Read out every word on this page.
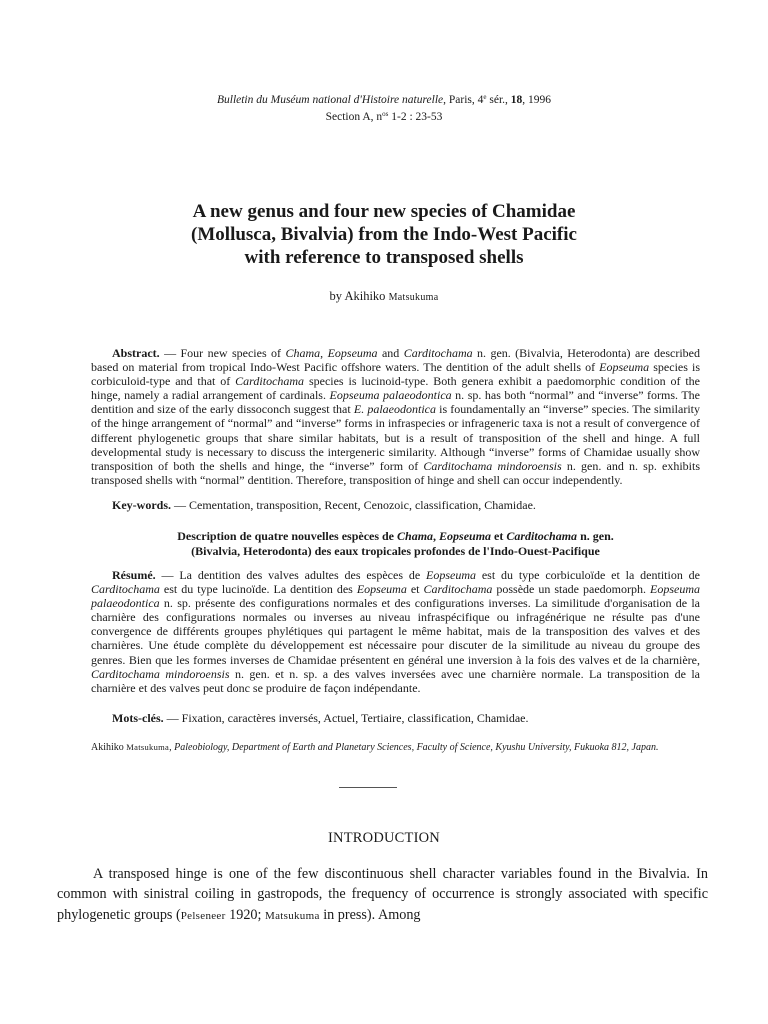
Bulletin du Muséum national d'Histoire naturelle, Paris, 4e sér., 18, 1996
Section A, $n^{os}$ 1-2 : 23-53
A new genus and four new species of Chamidae
(Mollusca, Bivalvia) from the Indo-West Pacific
with reference to transposed shells
by Akihiko Matsukuma
Abstract. — Four new species of Chama, Eopseuma and Carditochama n. gen. (Bivalvia, Heterodonta) are described based on material from tropical Indo-West Pacific offshore waters. The dentition of the adult shells of Eopseuma species is corbiculoid-type and that of Carditochama species is lucinoid-type. Both genera exhibit a paedomorphic condition of the hinge, namely a radial arrangement of cardinals. Eopseuma palaeodontica n. sp. has both “normal” and “inverse” forms. The dentition and size of the early dissoconch suggest that E. palaeodontica is foundamentally an “inverse” species. The similarity of the hinge arrangement of “normal” and “inverse” forms in infraspecies or infrageneric taxa is not a result of convergence of different phylogenetic groups that share similar habitats, but is a result of transposition of the shell and hinge. A full developmental study is necessary to discuss the intergeneric similarity. Although “inverse” forms of Chamidae usually show transposition of both the shells and hinge, the “inverse” form of Carditochama mindoroensis n. gen. and n. sp. exhibits transposed shells with “normal” dentition. Therefore, transposition of hinge and shell can occur independently.
Key-words. — Cementation, transposition, Recent, Cenozoic, classification, Chamidae.
Description de quatre nouvelles espèces de Chama, Eopseuma et Carditochama n. gen.
(Bivalvia, Heterodonta) des eaux tropicales profondes de l'Indo-Ouest-Pacifique
Résumé. — La dentition des valves adultes des espèces de Eopseuma est du type corbiculoïde et la dentition de Carditochama est du type lucinoïde. La dentition des Eopseuma et Carditochama possède un stade paedomorph. Eopseuma palaeodontica n. sp. présente des configurations normales et des configurations inverses. La similitude d'organisation de la charnière des configurations normales ou inverses au niveau infraspécifique ou infragénérique ne résulte pas d'une convergence de différents groupes phylétiques qui partagent le même habitat, mais de la transposition des valves et des charnières. Une étude complète du développement est nécessaire pour discuter de la similitude au niveau du groupe des genres. Bien que les formes inverses de Chamidae présentent en général une inversion à la fois des valves et de la charnière, Carditochama mindoroensis n. gen. et n. sp. a des valves inversées avec une charnière normale. La transposition de la charnière et des valves peut donc se produire de façon indépendante.
Mots-clés. — Fixation, caractères inversés, Actuel, Tertiaire, classification, Chamidae.
Akihiko Matsukuma, Paleobiology, Department of Earth and Planetary Sciences, Faculty of Science, Kyushu University, Fukuoka 812, Japan.
INTRODUCTION
A transposed hinge is one of the few discontinuous shell character variables found in the Bivalvia. In common with sinistral coiling in gastropods, the frequency of occurrence is strongly associated with specific phylogenetic groups (Pelseneer 1920; Matsukuma in press). Among
